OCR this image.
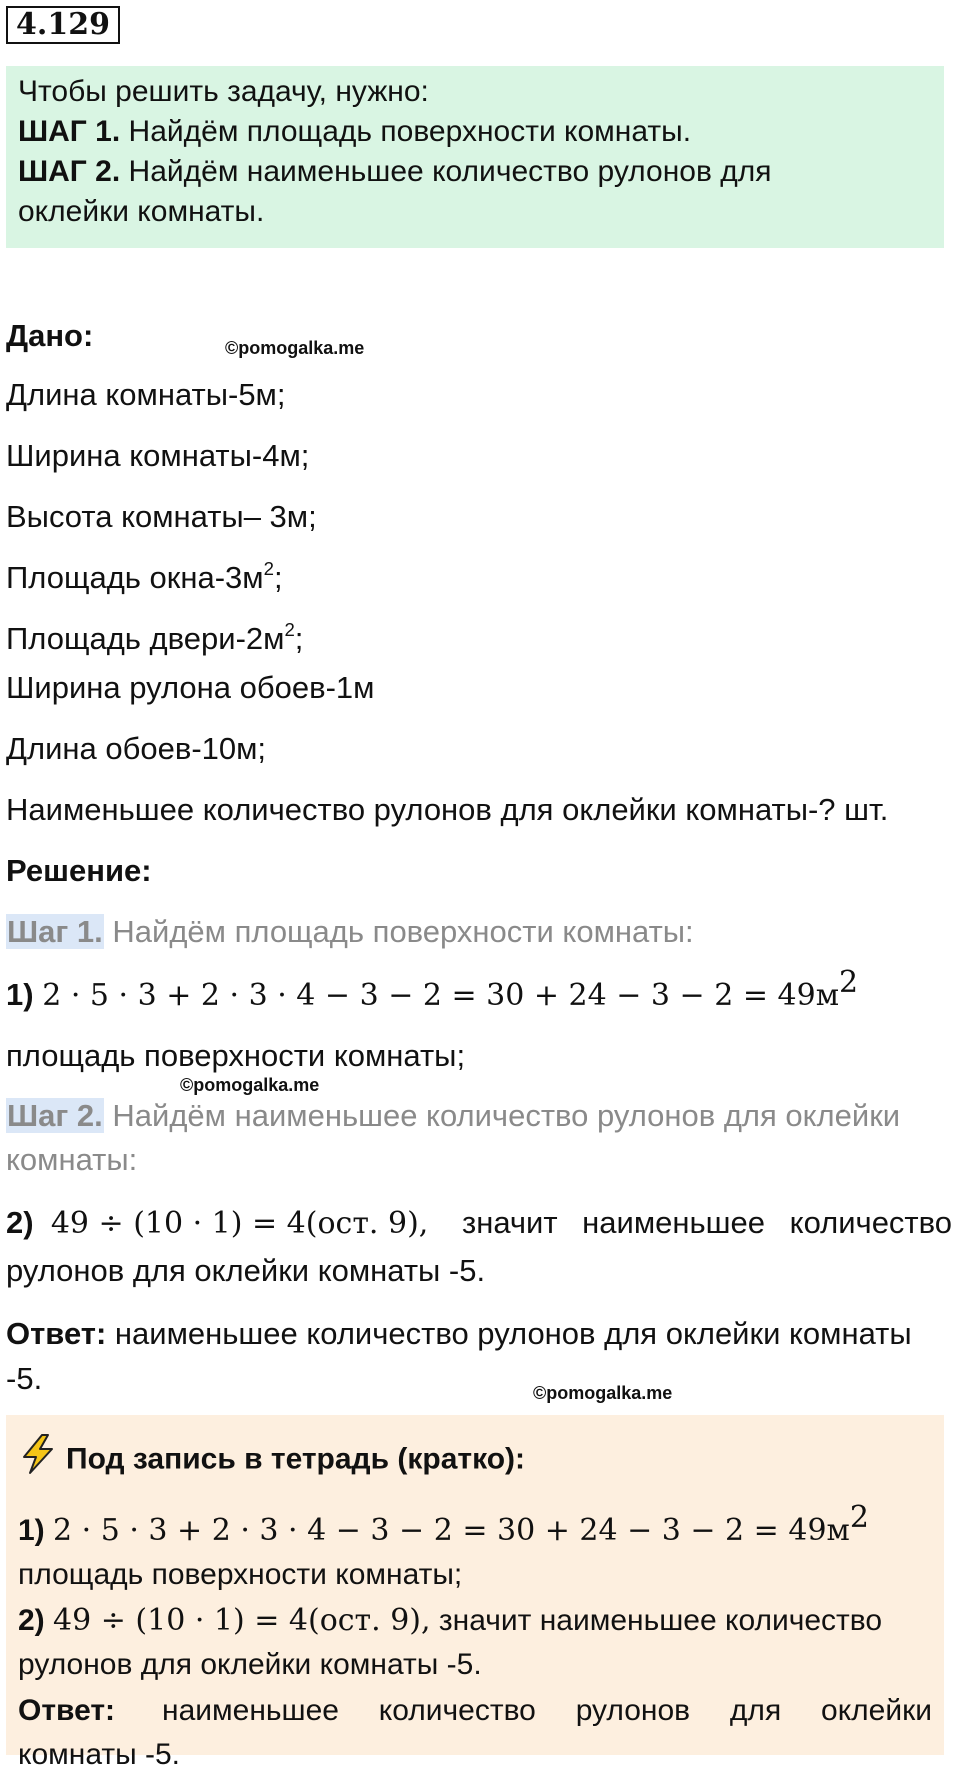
4.129
Чтобы решить задачу, нужно:
ШАГ 1. Найдём площадь поверхности комнаты.
ШАГ 2. Найдём наименьшее количество рулонов для
оклейки комнаты.
Дано:	©pomogalka.me
Длина комнаты-5м;
Ширина комнаты-4м;
Высота комнаты– 3м;
Площадь окна-$3м^2$;
Площадь двери-$2м^2$;
Ширина рулона обоев-1м
Длина обоев-10м;
Наименьшее количество рулонов для оклейки комнаты-? шт.
Решение:
Шаг 1. Найдём площадь поверхности комнаты:
1) $2 \cdot 5 \cdot 3 + 2 \cdot 3 \cdot 4 - 3 - 2 = 30 + 24 - 3 - 2 = 49м^2$
площадь поверхности комнаты;
©pomogalka.me
Шаг 2. Найдём наименьшее количество рулонов для оклейки
комнаты:
2) 49 ÷ (10 · 1) = 4(ост. 9), значит наименьшее количество
рулонов для оклейки комнаты -5.
Ответ: наименьшее количество рулонов для оклейки комнаты
-5.	©pomogalka.me
Под запись в тетрадь (кратко):
1) $2 \cdot 5 \cdot 3 + 2 \cdot 3 \cdot 4 - 3 - 2 = 30 + 24 - 3 - 2 = 49м^2$
площадь поверхности комнаты;
2) 49 ÷ (10 · 1) = 4(ост. 9), значит наименьшее количество
рулонов для оклейки комнаты -5.
Ответ: наименьшее количество рулонов для оклейки
комнаты -5.
